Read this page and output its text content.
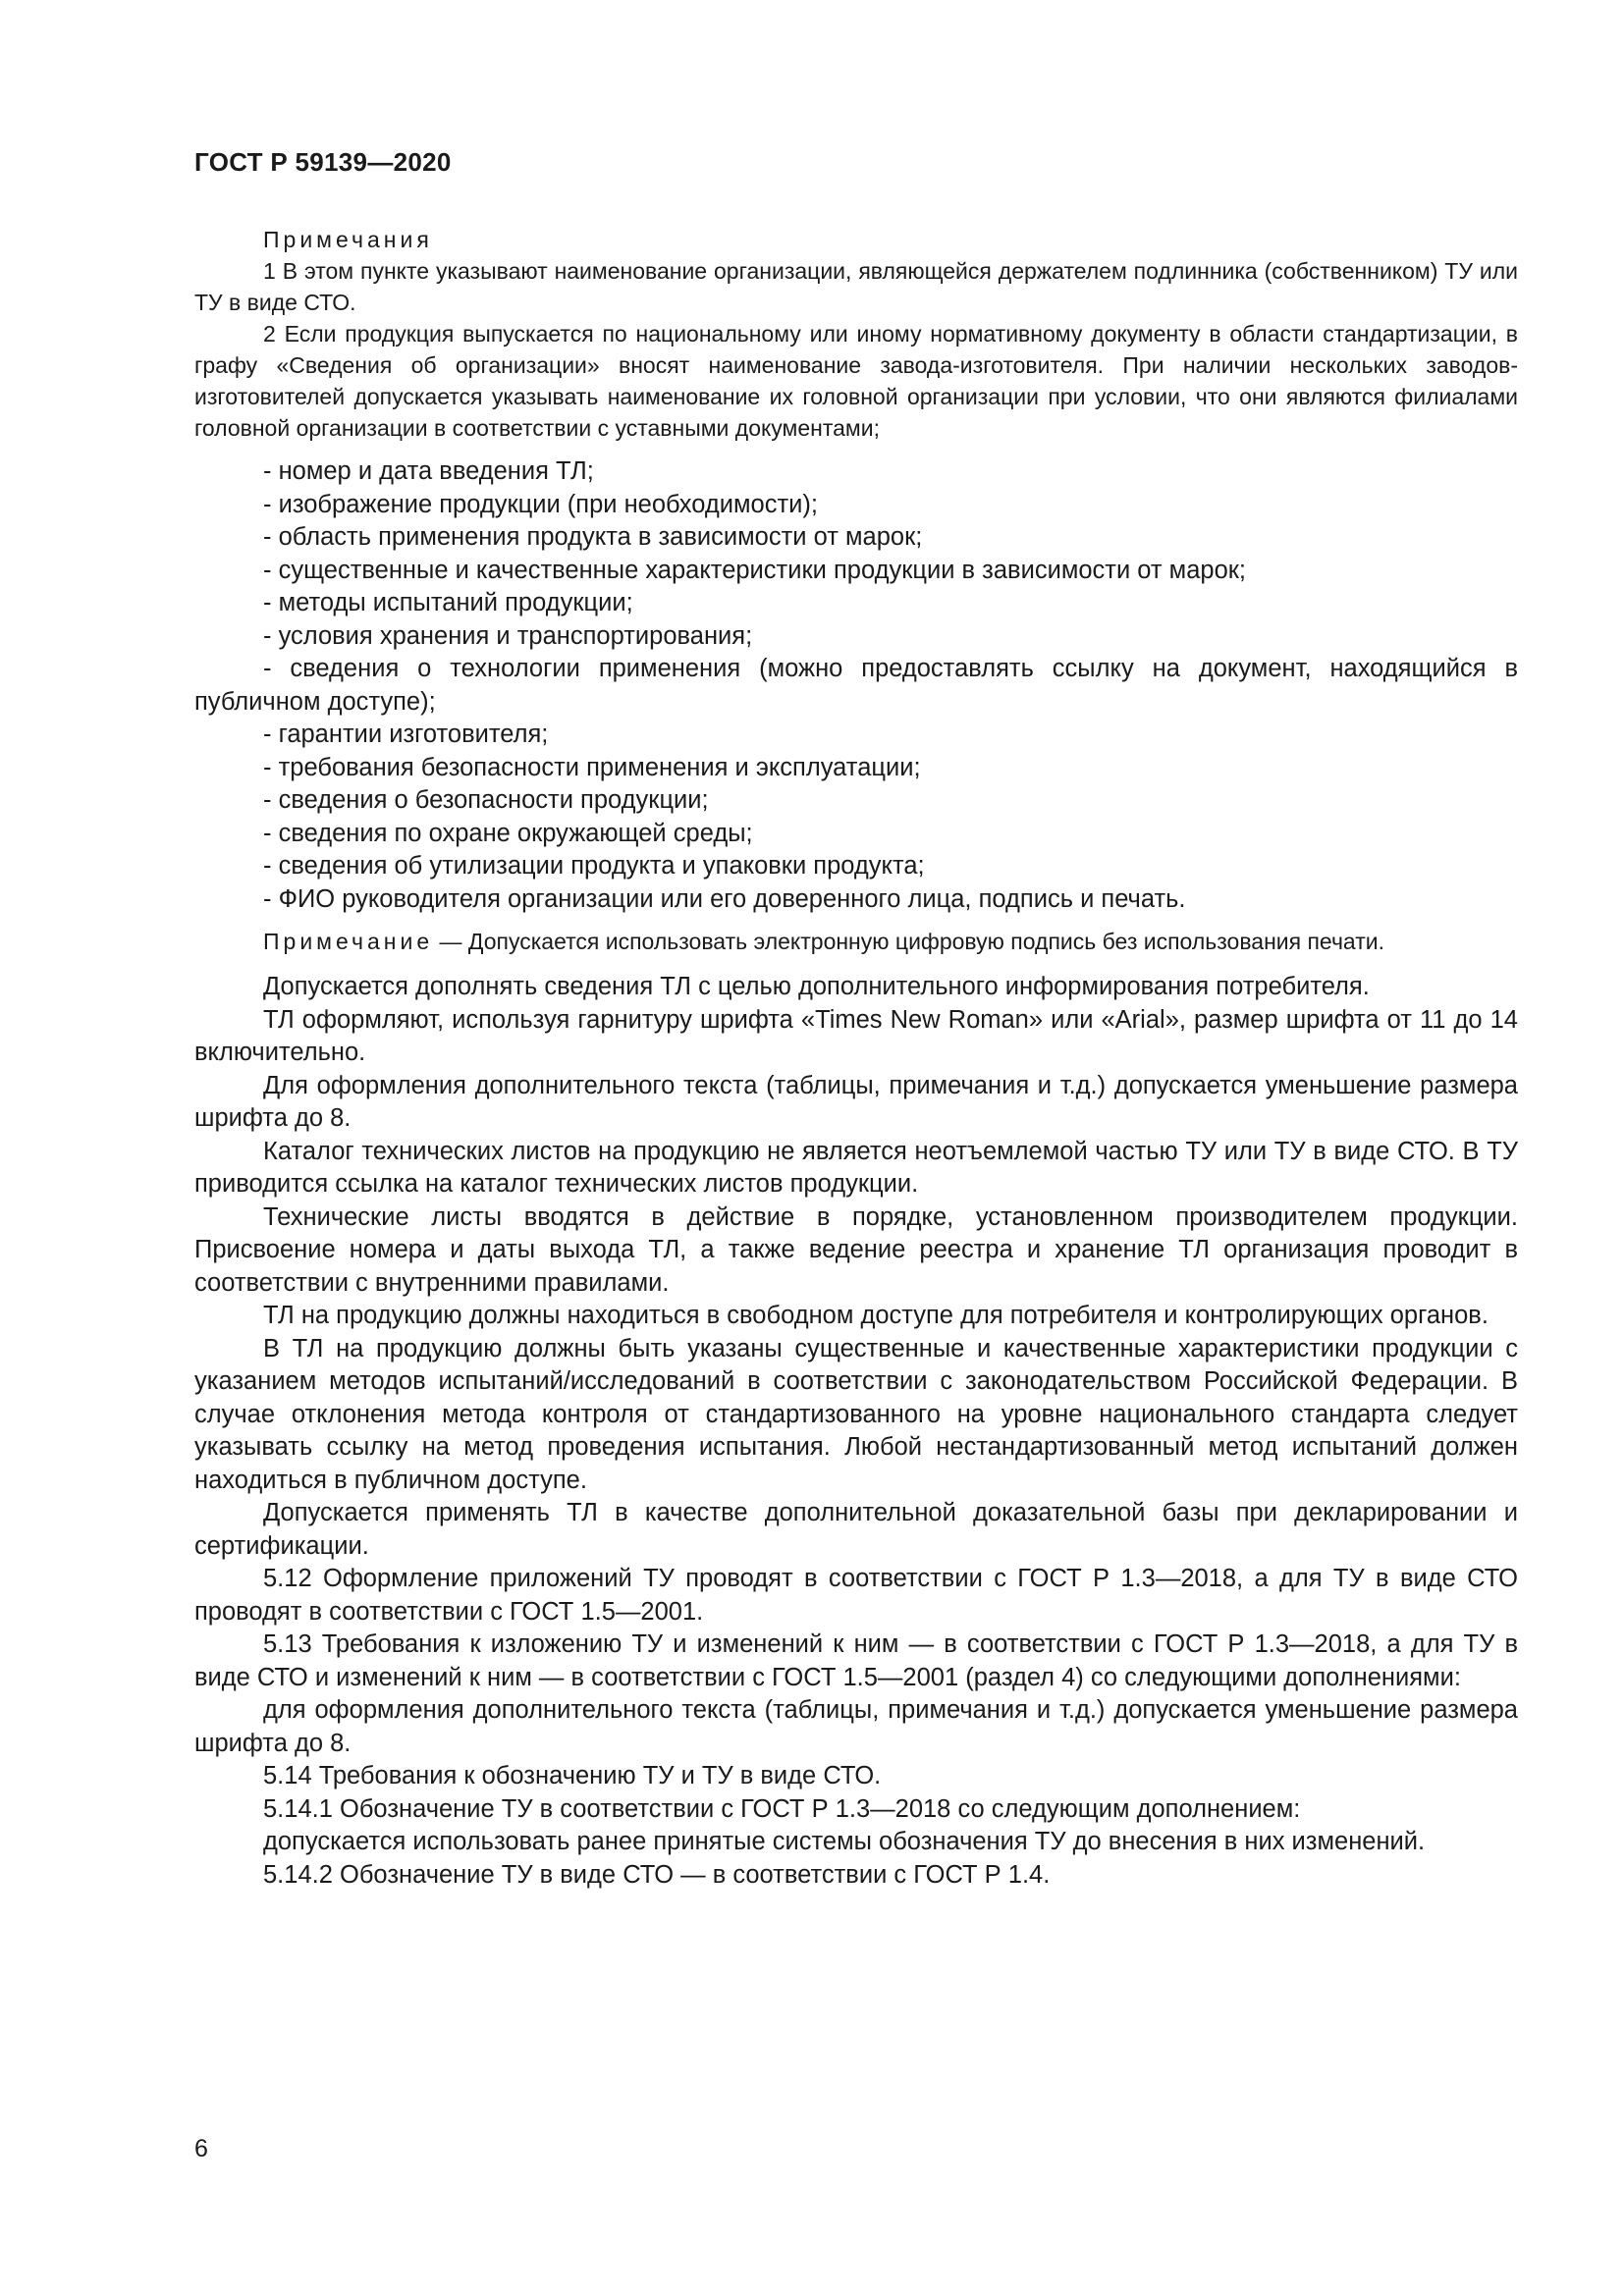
ГОСТ Р 59139—2020

Примечания

1 В этом пункте указывают наименование организации, являющейся держателем подлинника (собственником) ТУ или ТУ в виде СТО.

2 Если продукция выпускается по национальному или иному нормативному документу в области стандартизации, в графу «Сведения об организации» вносят наименование завода-изготовителя. При наличии нескольких заводов-изготовителей допускается указывать наименование их головной организации при условии, что они являются филиалами головной организации в соответствии с уставными документами;

- номер и дата введения ТЛ;
- изображение продукции (при необходимости);
- область применения продукта в зависимости от марок;
- существенные и качественные характеристики продукции в зависимости от марок;
- методы испытаний продукции;
- условия хранения и транспортирования;
- сведения о технологии применения (можно предоставлять ссылку на документ, находящийся в публичном доступе);
- гарантии изготовителя;
- требования безопасности применения и эксплуатации;
- сведения о безопасности продукции;
- сведения по охране окружающей среды;
- сведения об утилизации продукта и упаковки продукта;
- ФИО руководителя организации или его доверенного лица, подпись и печать.
Примечание — Допускается использовать электронную цифровую подпись без использования печати.

Допускается дополнять сведения ТЛ с целью дополнительного информирования потребителя.

ТЛ оформляют, используя гарнитуру шрифта «Times New Roman» или «Arial», размер шрифта от 11 до 14 включительно.

Для оформления дополнительного текста (таблицы, примечания и т.д.) допускается уменьшение размера шрифта до 8.

Каталог технических листов на продукцию не является неотъемлемой частью ТУ или ТУ в виде СТО. В ТУ приводится ссылка на каталог технических листов продукции.

Технические листы вводятся в действие в порядке, установленном производителем продукции. Присвоение номера и даты выхода ТЛ, а также ведение реестра и хранение ТЛ организация проводит в соответствии с внутренними правилами.

ТЛ на продукцию должны находиться в свободном доступе для потребителя и контролирующих органов.

В ТЛ на продукцию должны быть указаны существенные и качественные характеристики продукции с указанием методов испытаний/исследований в соответствии с законодательством Российской Федерации. В случае отклонения метода контроля от стандартизованного на уровне национального стандарта следует указывать ссылку на метод проведения испытания. Любой нестандартизованный метод испытаний должен находиться в публичном доступе.

Допускается применять ТЛ в качестве дополнительной доказательной базы при декларировании и сертификации.

5.12 Оформление приложений ТУ проводят в соответствии с ГОСТ Р 1.3—2018, а для ТУ в виде СТО проводят в соответствии с ГОСТ 1.5—2001.

5.13 Требования к изложению ТУ и изменений к ним — в соответствии с ГОСТ Р 1.3—2018, а для ТУ в виде СТО и изменений к ним — в соответствии с ГОСТ 1.5—2001 (раздел 4) со следующими дополнениями:

для оформления дополнительного текста (таблицы, примечания и т.д.) допускается уменьшение размера шрифта до 8.

5.14 Требования к обозначению ТУ и ТУ в виде СТО.

5.14.1 Обозначение ТУ в соответствии с ГОСТ Р 1.3—2018 со следующим дополнением:

допускается использовать ранее принятые системы обозначения ТУ до внесения в них изменений.

5.14.2 Обозначение ТУ в виде СТО — в соответствии с ГОСТ Р 1.4.

6
